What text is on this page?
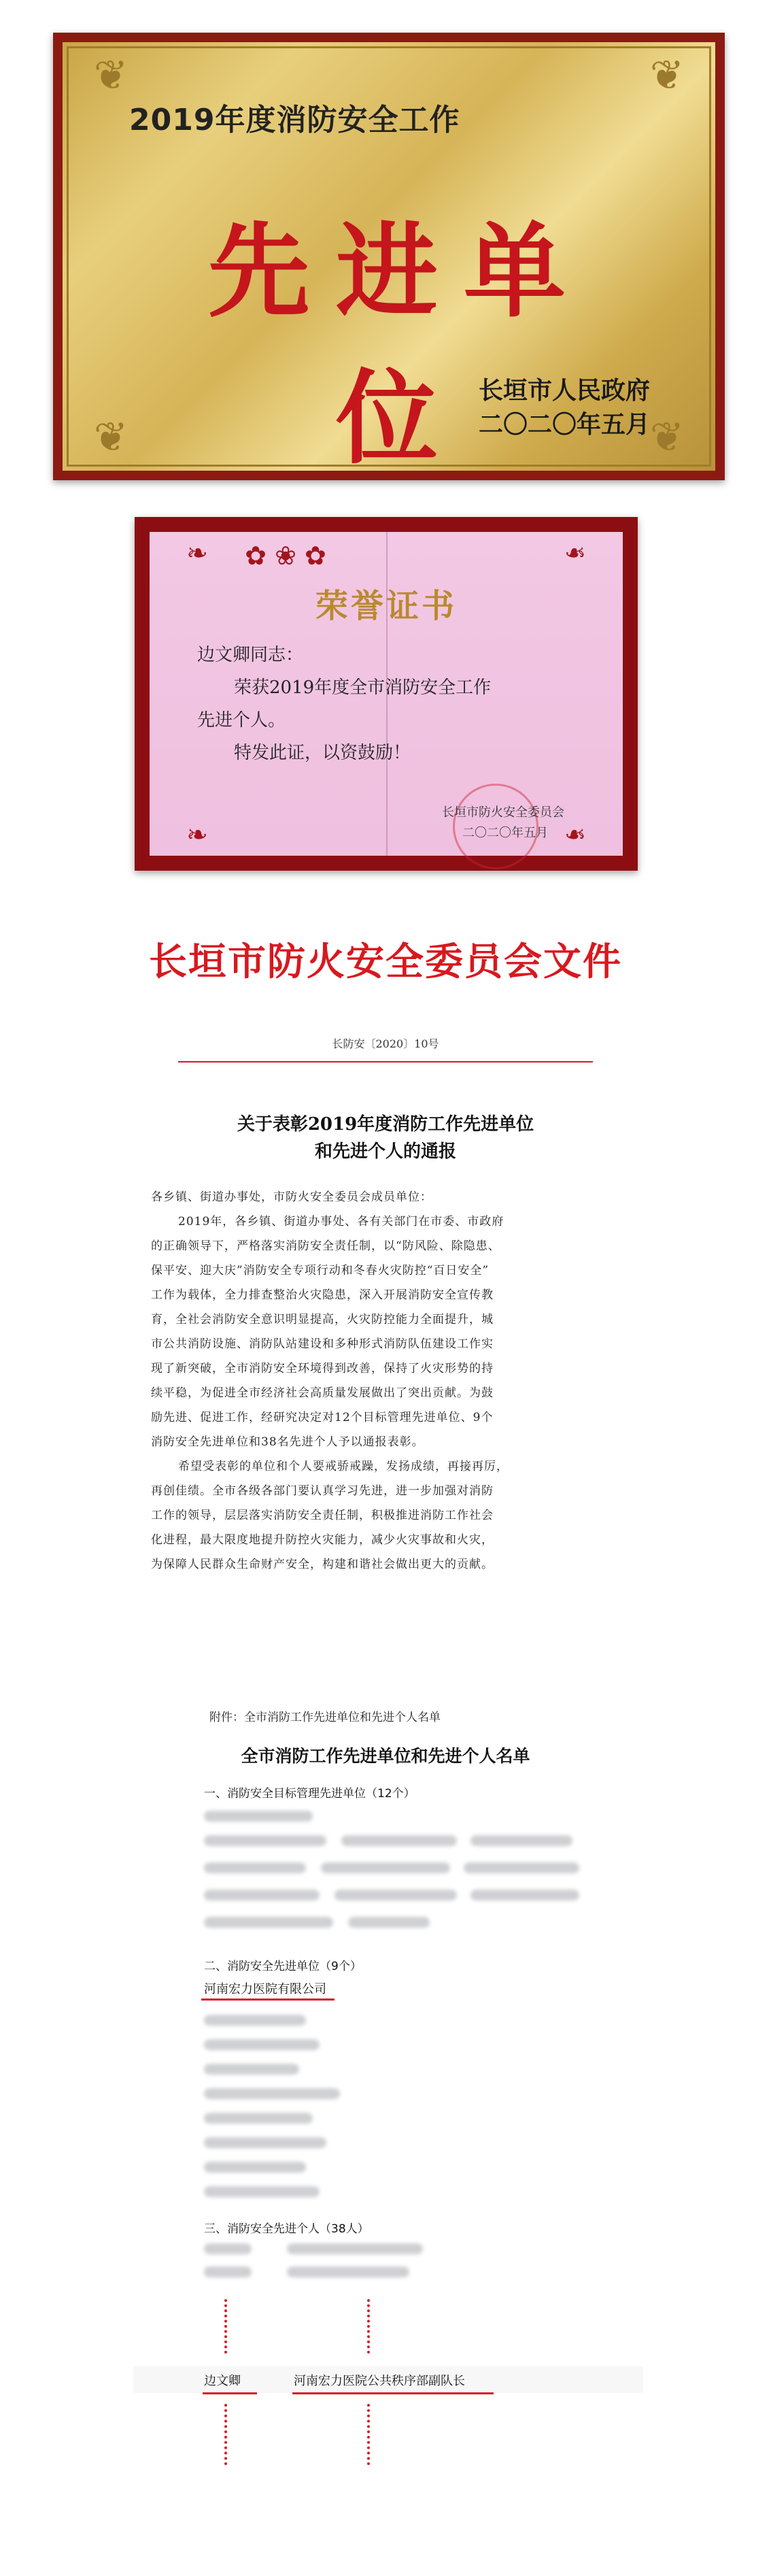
❦	❦
❦	❦
2019年度消防安全工作
先进单位 长垣市人民政府
二〇二〇年五月
❧	❧
❧	❧
✿ ❀ ✿
荣誉证书
边文卿同志：
荣获2019年度全市消防安全工作
先进个人。
特发此证，以资鼓励！
长垣市防火安全委员会
二〇二〇年五月
长垣市防火安全委员会文件
长防安〔2020〕10号
关于表彰2019年度消防工作先进单位
和先进个人的通报
各乡镇、街道办事处，市防火安全委员会成员单位：
2019年，各乡镇、街道办事处、各有关部门在市委、市政府
的正确领导下，严格落实消防安全责任制，以“防风险、除隐患、
保平安、迎大庆”消防安全专项行动和冬春火灾防控“百日安全”
工作为载体，全力排查整治火灾隐患，深入开展消防安全宣传教
育，全社会消防安全意识明显提高，火灾防控能力全面提升，城
市公共消防设施、消防队站建设和多种形式消防队伍建设工作实
现了新突破，全市消防安全环境得到改善，保持了火灾形势的持
续平稳，为促进全市经济社会高质量发展做出了突出贡献。为鼓
励先进、促进工作，经研究决定对12个目标管理先进单位、9个
消防安全先进单位和38名先进个人予以通报表彰。
希望受表彰的单位和个人要戒骄戒躁，发扬成绩，再接再厉，
再创佳绩。全市各级各部门要认真学习先进，进一步加强对消防
工作的领导，层层落实消防安全责任制，积极推进消防工作社会
化进程，最大限度地提升防控火灾能力，减少火灾事故和火灾，
为保障人民群众生命财产安全，构建和谐社会做出更大的贡献。
附件：全市消防工作先进单位和先进个人名单
全市消防工作先进单位和先进个人名单
一、消防安全目标管理先进单位（12个）
二、消防安全先进单位（9个）
河南宏力医院有限公司
三、消防安全先进个人（38人）
边文卿	河南宏力医院公共秩序部副队长
